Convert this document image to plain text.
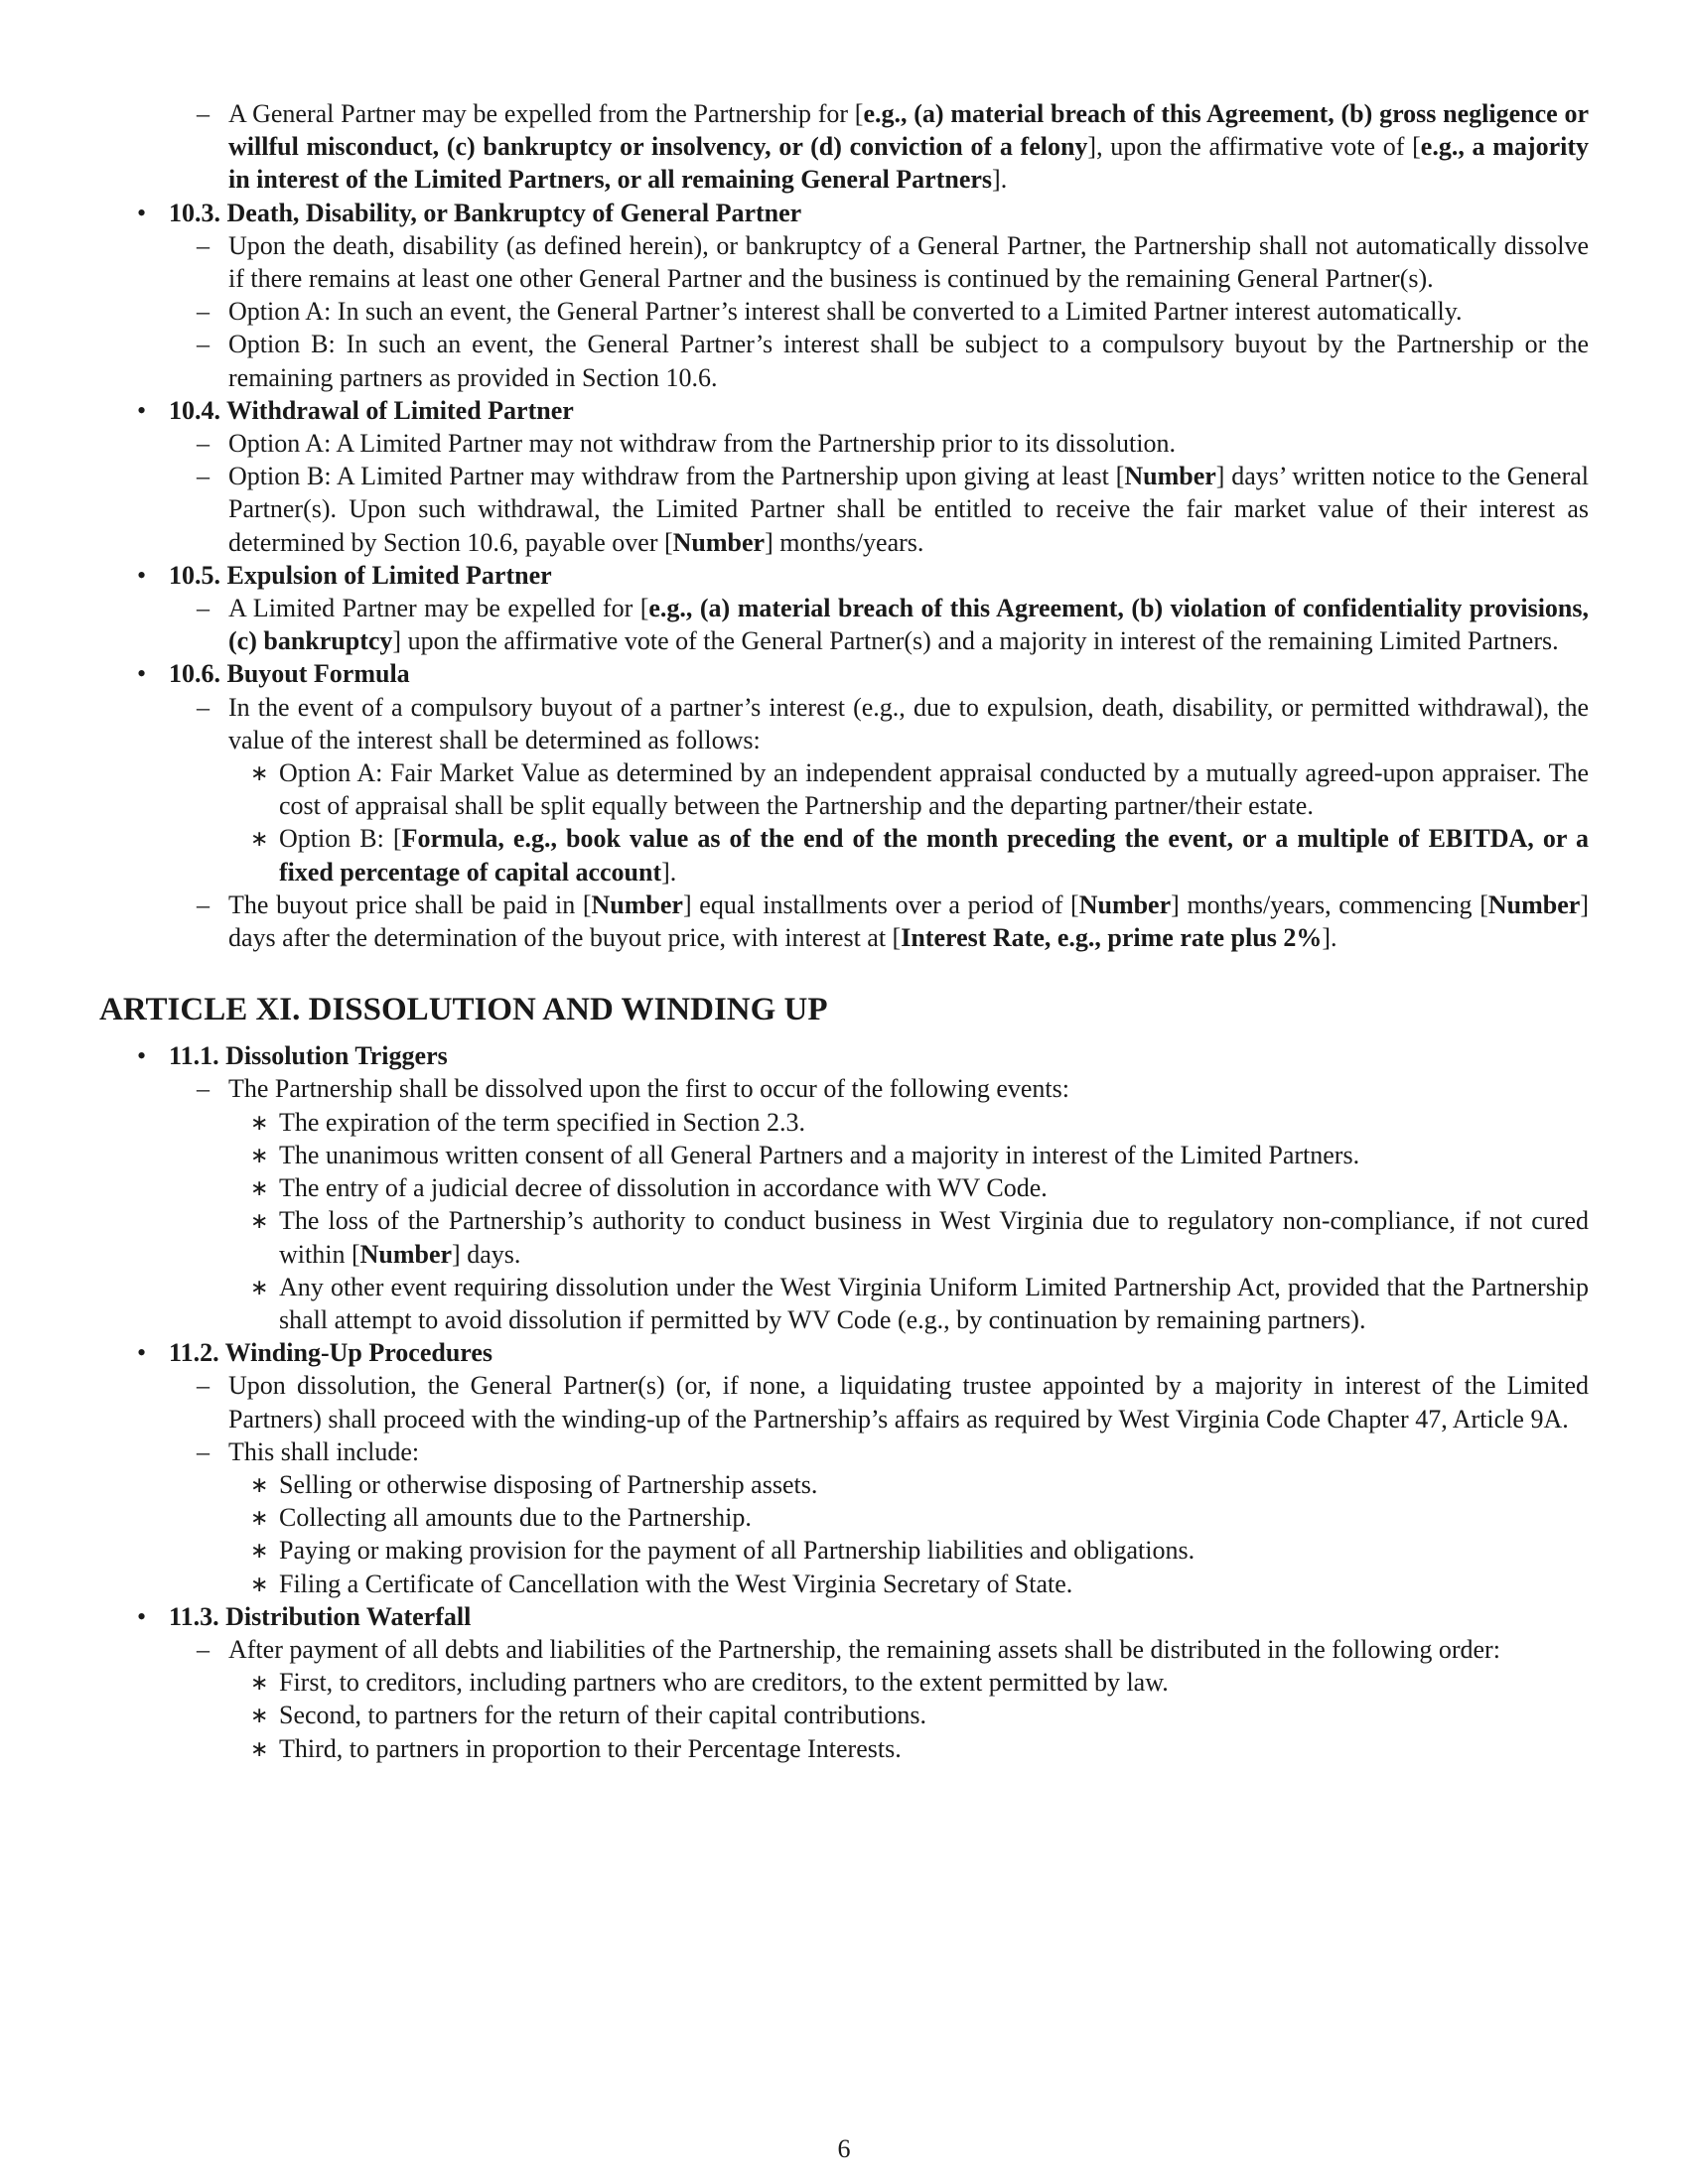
– A General Partner may be expelled from the Partnership for [e.g., (a) material breach of this Agreement, (b) gross negligence or willful misconduct, (c) bankruptcy or insolvency, or (d) conviction of a felony], upon the affirmative vote of [e.g., a majority in interest of the Limited Partners, or all remaining General Partners].
• 10.3. Death, Disability, or Bankruptcy of General Partner
– Upon the death, disability (as defined herein), or bankruptcy of a General Partner, the Partnership shall not automatically dissolve if there remains at least one other General Partner and the business is continued by the remaining General Partner(s).
– Option A: In such an event, the General Partner’s interest shall be converted to a Limited Partner interest automatically.
– Option B: In such an event, the General Partner’s interest shall be subject to a compulsory buyout by the Partnership or the remaining partners as provided in Section 10.6.
• 10.4. Withdrawal of Limited Partner
– Option A: A Limited Partner may not withdraw from the Partnership prior to its dissolution.
– Option B: A Limited Partner may withdraw from the Partnership upon giving at least [Number] days’ written notice to the General Partner(s). Upon such withdrawal, the Limited Partner shall be entitled to receive the fair market value of their interest as determined by Section 10.6, payable over [Number] months/years.
• 10.5. Expulsion of Limited Partner
– A Limited Partner may be expelled for [e.g., (a) material breach of this Agreement, (b) violation of confidentiality provisions, (c) bankruptcy] upon the affirmative vote of the General Partner(s) and a majority in interest of the remaining Limited Partners.
• 10.6. Buyout Formula
– In the event of a compulsory buyout of a partner’s interest (e.g., due to expulsion, death, disability, or permitted withdrawal), the value of the interest shall be determined as follows:
∗ Option A: Fair Market Value as determined by an independent appraisal conducted by a mutually agreed-upon appraiser. The cost of appraisal shall be split equally between the Partnership and the departing partner/their estate.
∗ Option B: [Formula, e.g., book value as of the end of the month preceding the event, or a multiple of EBITDA, or a fixed percentage of capital account].
– The buyout price shall be paid in [Number] equal installments over a period of [Number] months/years, commencing [Number] days after the determination of the buyout price, with interest at [Interest Rate, e.g., prime rate plus 2%].
ARTICLE XI. DISSOLUTION AND WINDING UP
• 11.1. Dissolution Triggers
– The Partnership shall be dissolved upon the first to occur of the following events:
∗ The expiration of the term specified in Section 2.3.
∗ The unanimous written consent of all General Partners and a majority in interest of the Limited Partners.
∗ The entry of a judicial decree of dissolution in accordance with WV Code.
∗ The loss of the Partnership’s authority to conduct business in West Virginia due to regulatory non-compliance, if not cured within [Number] days.
∗ Any other event requiring dissolution under the West Virginia Uniform Limited Partnership Act, provided that the Partnership shall attempt to avoid dissolution if permitted by WV Code (e.g., by continuation by remaining partners).
• 11.2. Winding-Up Procedures
– Upon dissolution, the General Partner(s) (or, if none, a liquidating trustee appointed by a majority in interest of the Limited Partners) shall proceed with the winding-up of the Partnership’s affairs as required by West Virginia Code Chapter 47, Article 9A.
– This shall include:
∗ Selling or otherwise disposing of Partnership assets.
∗ Collecting all amounts due to the Partnership.
∗ Paying or making provision for the payment of all Partnership liabilities and obligations.
∗ Filing a Certificate of Cancellation with the West Virginia Secretary of State.
• 11.3. Distribution Waterfall
– After payment of all debts and liabilities of the Partnership, the remaining assets shall be distributed in the following order:
∗ First, to creditors, including partners who are creditors, to the extent permitted by law.
∗ Second, to partners for the return of their capital contributions.
∗ Third, to partners in proportion to their Percentage Interests.
6
